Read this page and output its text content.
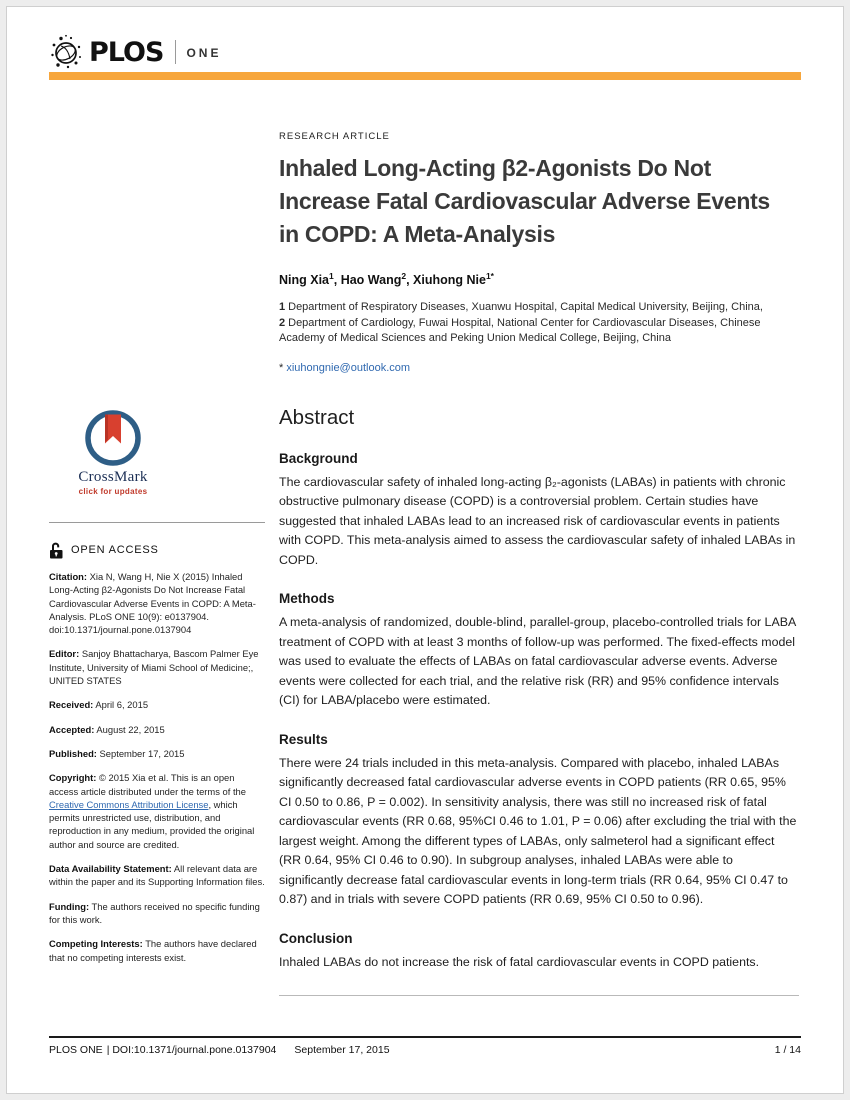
PLOS ONE
CrossMark
click for updates
OPEN ACCESS

Citation: Xia N, Wang H, Nie X (2015) Inhaled Long-Acting β2-Agonists Do Not Increase Fatal Cardiovascular Adverse Events in COPD: A Meta-Analysis. PLoS ONE 10(9): e0137904. doi:10.1371/journal.pone.0137904

Editor: Sanjoy Bhattacharya, Bascom Palmer Eye Institute, University of Miami School of Medicine;, UNITED STATES

Received: April 6, 2015

Accepted: August 22, 2015

Published: September 17, 2015

Copyright: © 2015 Xia et al. This is an open access article distributed under the terms of the Creative Commons Attribution License, which permits unrestricted use, distribution, and reproduction in any medium, provided the original author and source are credited.

Data Availability Statement: All relevant data are within the paper and its Supporting Information files.

Funding: The authors received no specific funding for this work.

Competing Interests: The authors have declared that no competing interests exist.

RESEARCH ARTICLE

Inhaled Long-Acting β2-Agonists Do Not
Increase Fatal Cardiovascular Adverse Events
in COPD: A Meta-Analysis

Ning Xia$^1$, Hao Wang$^2$, Xiuhong Nie$^{1*}$

1 Department of Respiratory Diseases, Xuanwu Hospital, Capital Medical University, Beijing, China, 2 Department of Cardiology, Fuwai Hospital, National Center for Cardiovascular Diseases, Chinese Academy of Medical Sciences and Peking Union Medical College, Beijing, China

* xiuhongnie@outlook.com

Abstract
Background

The cardiovascular safety of inhaled long-acting β₂-agonists (LABAs) in patients with chronic obstructive pulmonary disease (COPD) is a controversial problem. Certain studies have suggested that inhaled LABAs lead to an increased risk of cardiovascular events in patients with COPD. This meta-analysis aimed to assess the cardiovascular safety of inhaled LABAs in COPD.

Methods

A meta-analysis of randomized, double-blind, parallel-group, placebo-controlled trials for LABA treatment of COPD with at least 3 months of follow-up was performed. The fixed-effects model was used to evaluate the effects of LABAs on fatal cardiovascular adverse events. Adverse events were collected for each trial, and the relative risk (RR) and 95% confidence intervals (CI) for LABA/placebo were estimated.

Results

There were 24 trials included in this meta-analysis. Compared with placebo, inhaled LABAs significantly decreased fatal cardiovascular adverse events in COPD patients (RR 0.65, 95% CI 0.50 to 0.86, P = 0.002). In sensitivity analysis, there was still no increased risk of fatal cardiovascular events (RR 0.68, 95%CI 0.46 to 1.01, P = 0.06) after excluding the trial with the largest weight. Among the different types of LABAs, only salmeterol had a significant effect (RR 0.64, 95% CI 0.46 to 0.90). In subgroup analyses, inhaled LABAs were able to significantly decrease fatal cardiovascular events in long-term trials (RR 0.64, 95% CI 0.47 to 0.87) and in trials with severe COPD patients (RR 0.69, 95% CI 0.50 to 0.96).

Conclusion

Inhaled LABAs do not increase the risk of fatal cardiovascular events in COPD patients.

PLOS ONE | DOI:10.1371/journal.pone.0137904 September 17, 2015	1 / 14
